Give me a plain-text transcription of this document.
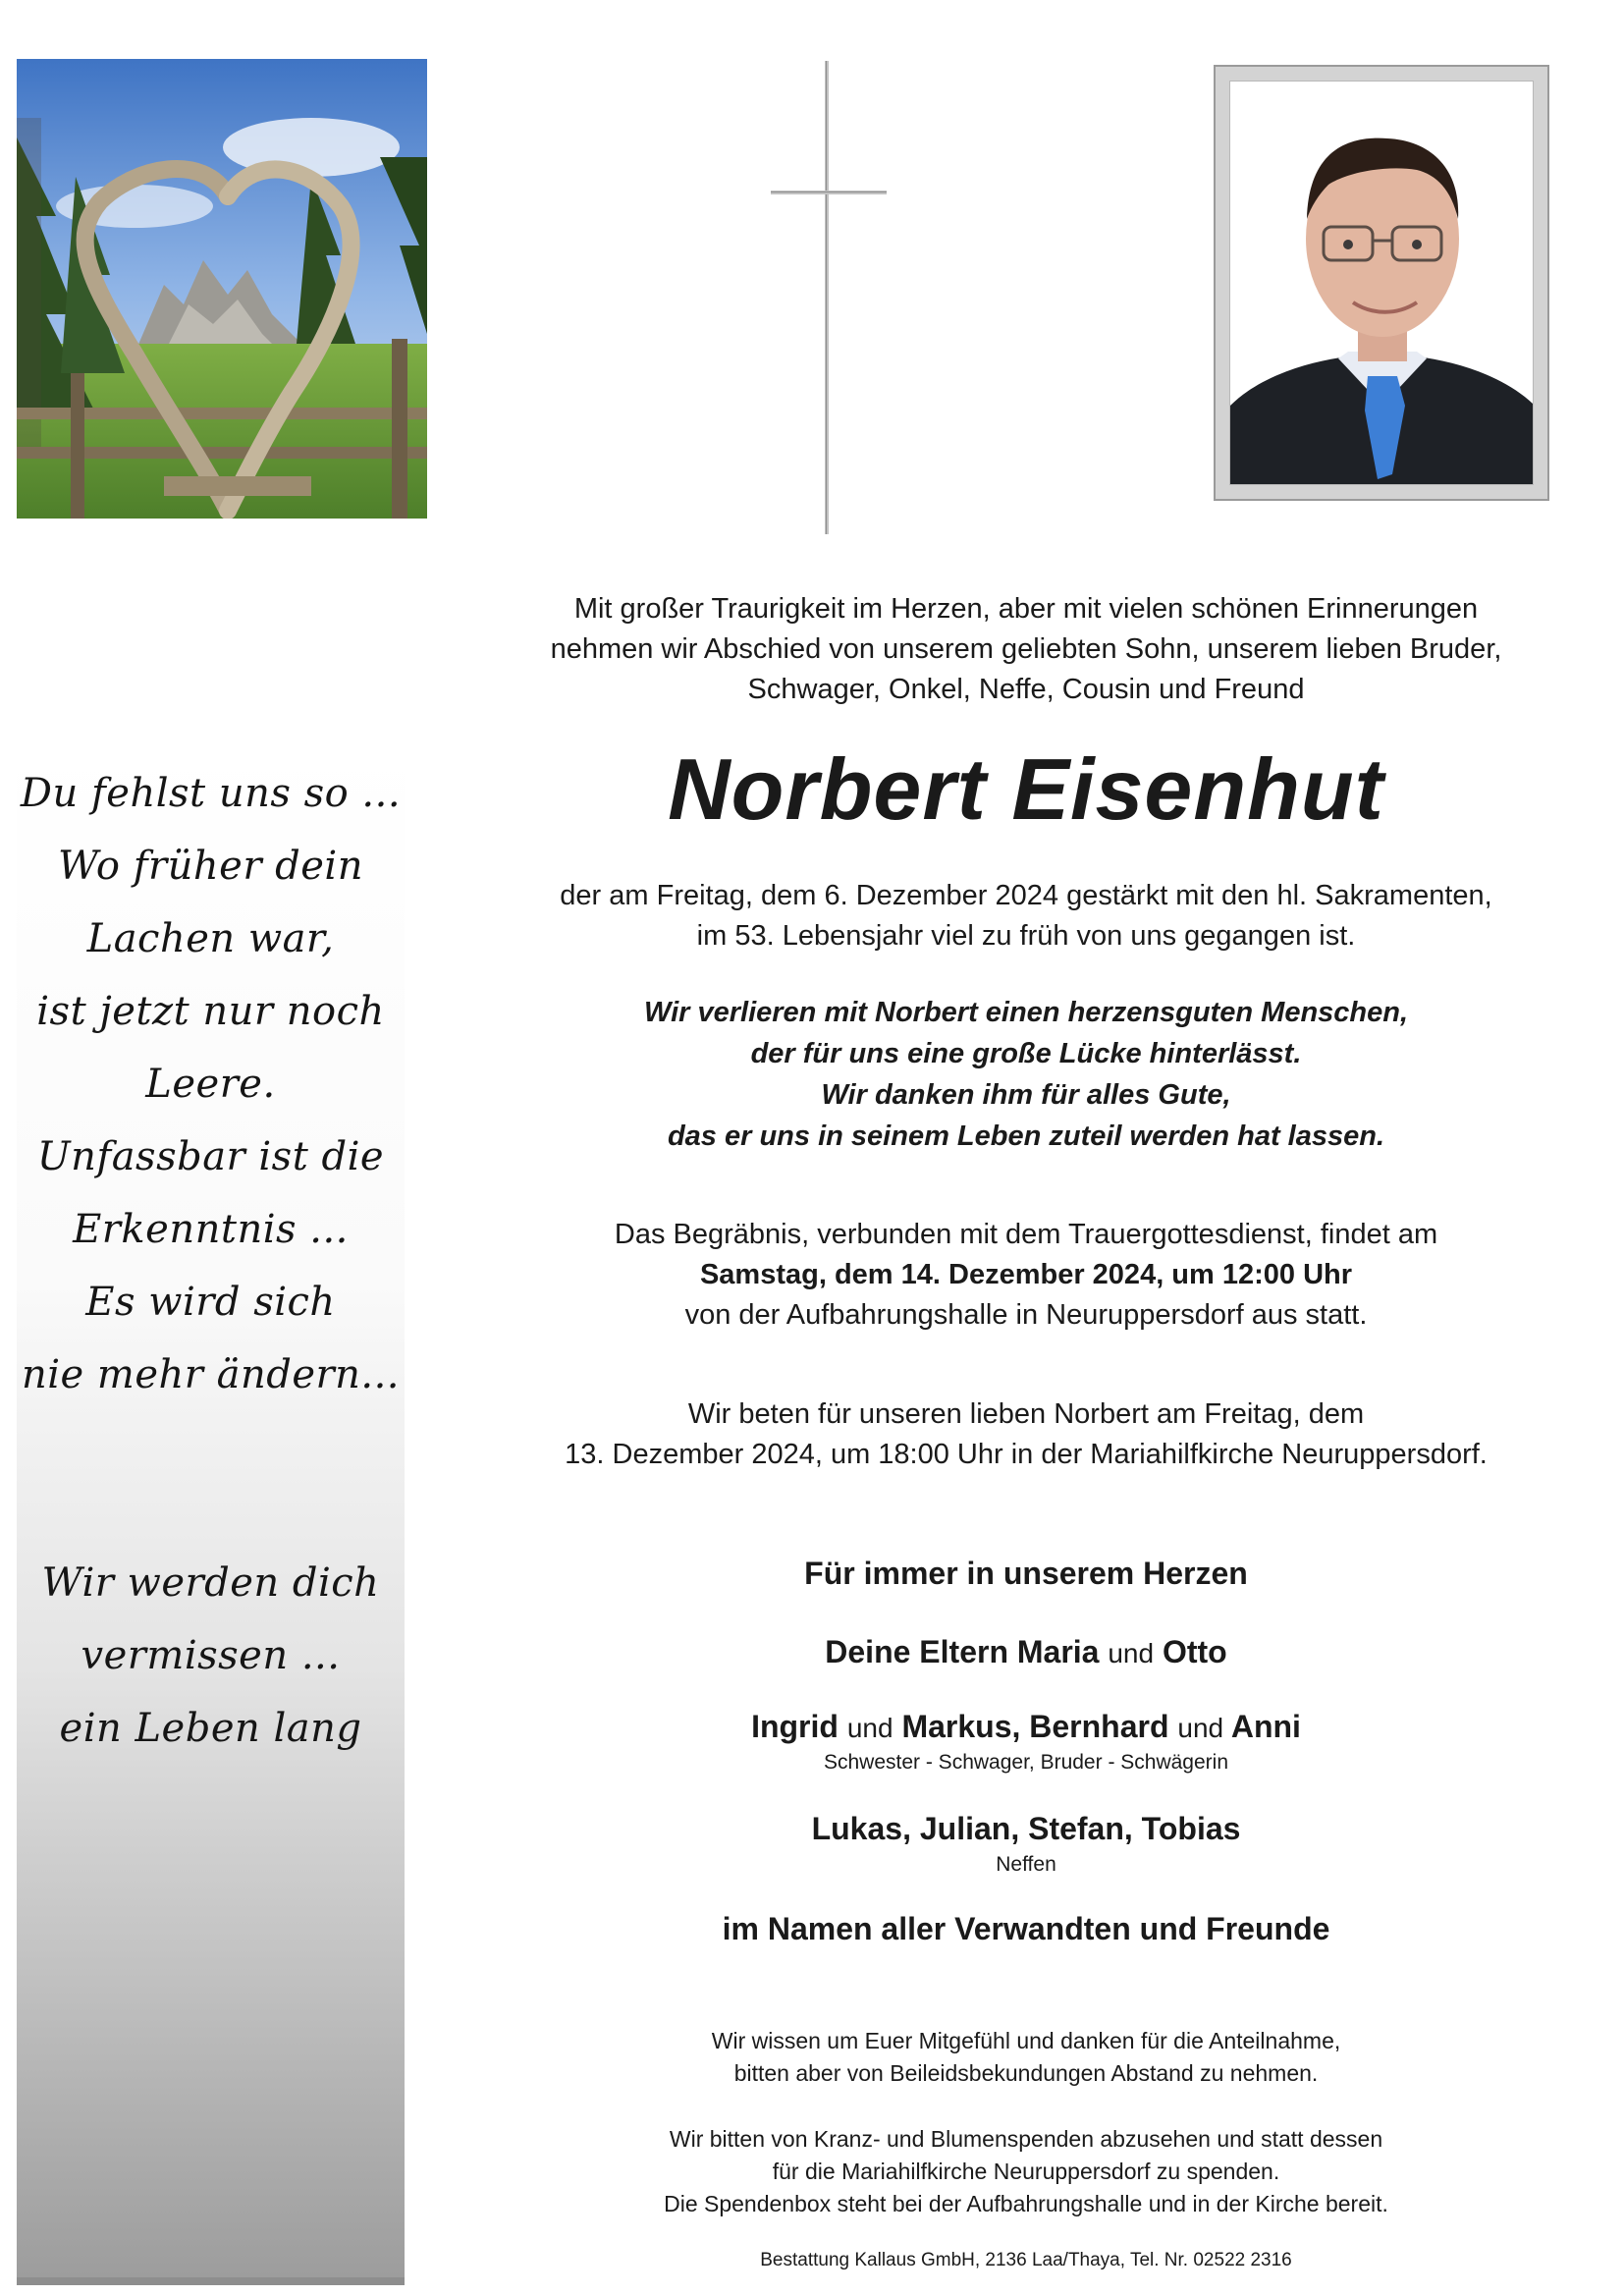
Du fehlst uns so ...
Wo früher dein
Lachen war,
ist jetzt nur noch
Leere.
Unfassbar ist die
Erkenntnis ...
Es wird sich
nie mehr ändern...
Wir werden dich
vermissen ...
ein Leben lang
Mit großer Traurigkeit im Herzen, aber mit vielen schönen Erinnerungen
nehmen wir Abschied von unserem geliebten Sohn, unserem lieben Bruder,
Schwager, Onkel, Neffe, Cousin und Freund
Norbert Eisenhut
der am Freitag, dem 6. Dezember 2024 gestärkt mit den hl. Sakramenten,
im 53. Lebensjahr viel zu früh von uns gegangen ist.
Wir verlieren mit Norbert einen herzensguten Menschen,
der für uns eine große Lücke hinterlässt.
Wir danken ihm für alles Gute,
das er uns in seinem Leben zuteil werden hat lassen.
Das Begräbnis, verbunden mit dem Trauergottesdienst, findet am
Samstag, dem 14. Dezember 2024, um 12:00 Uhr
von der Aufbahrungshalle in Neuruppersdorf aus statt.
Wir beten für unseren lieben Norbert am Freitag, dem
13. Dezember 2024, um 18:00 Uhr in der Mariahilfkirche Neuruppersdorf.
Für immer in unserem Herzen
Deine Eltern Maria und Otto
Ingrid und Markus, Bernhard und Anni
Schwester - Schwager, Bruder - Schwägerin
Lukas, Julian, Stefan, Tobias
Neffen
im Namen aller Verwandten und Freunde
Wir wissen um Euer Mitgefühl und danken für die Anteilnahme,
bitten aber von Beileidsbekundungen Abstand zu nehmen.
Wir bitten von Kranz- und Blumenspenden abzusehen und statt dessen
für die Mariahilfkirche Neuruppersdorf zu spenden.
Die Spendenbox steht bei der Aufbahrungshalle und in der Kirche bereit.
Bestattung Kallaus GmbH, 2136 Laa/Thaya, Tel. Nr. 02522 2316
